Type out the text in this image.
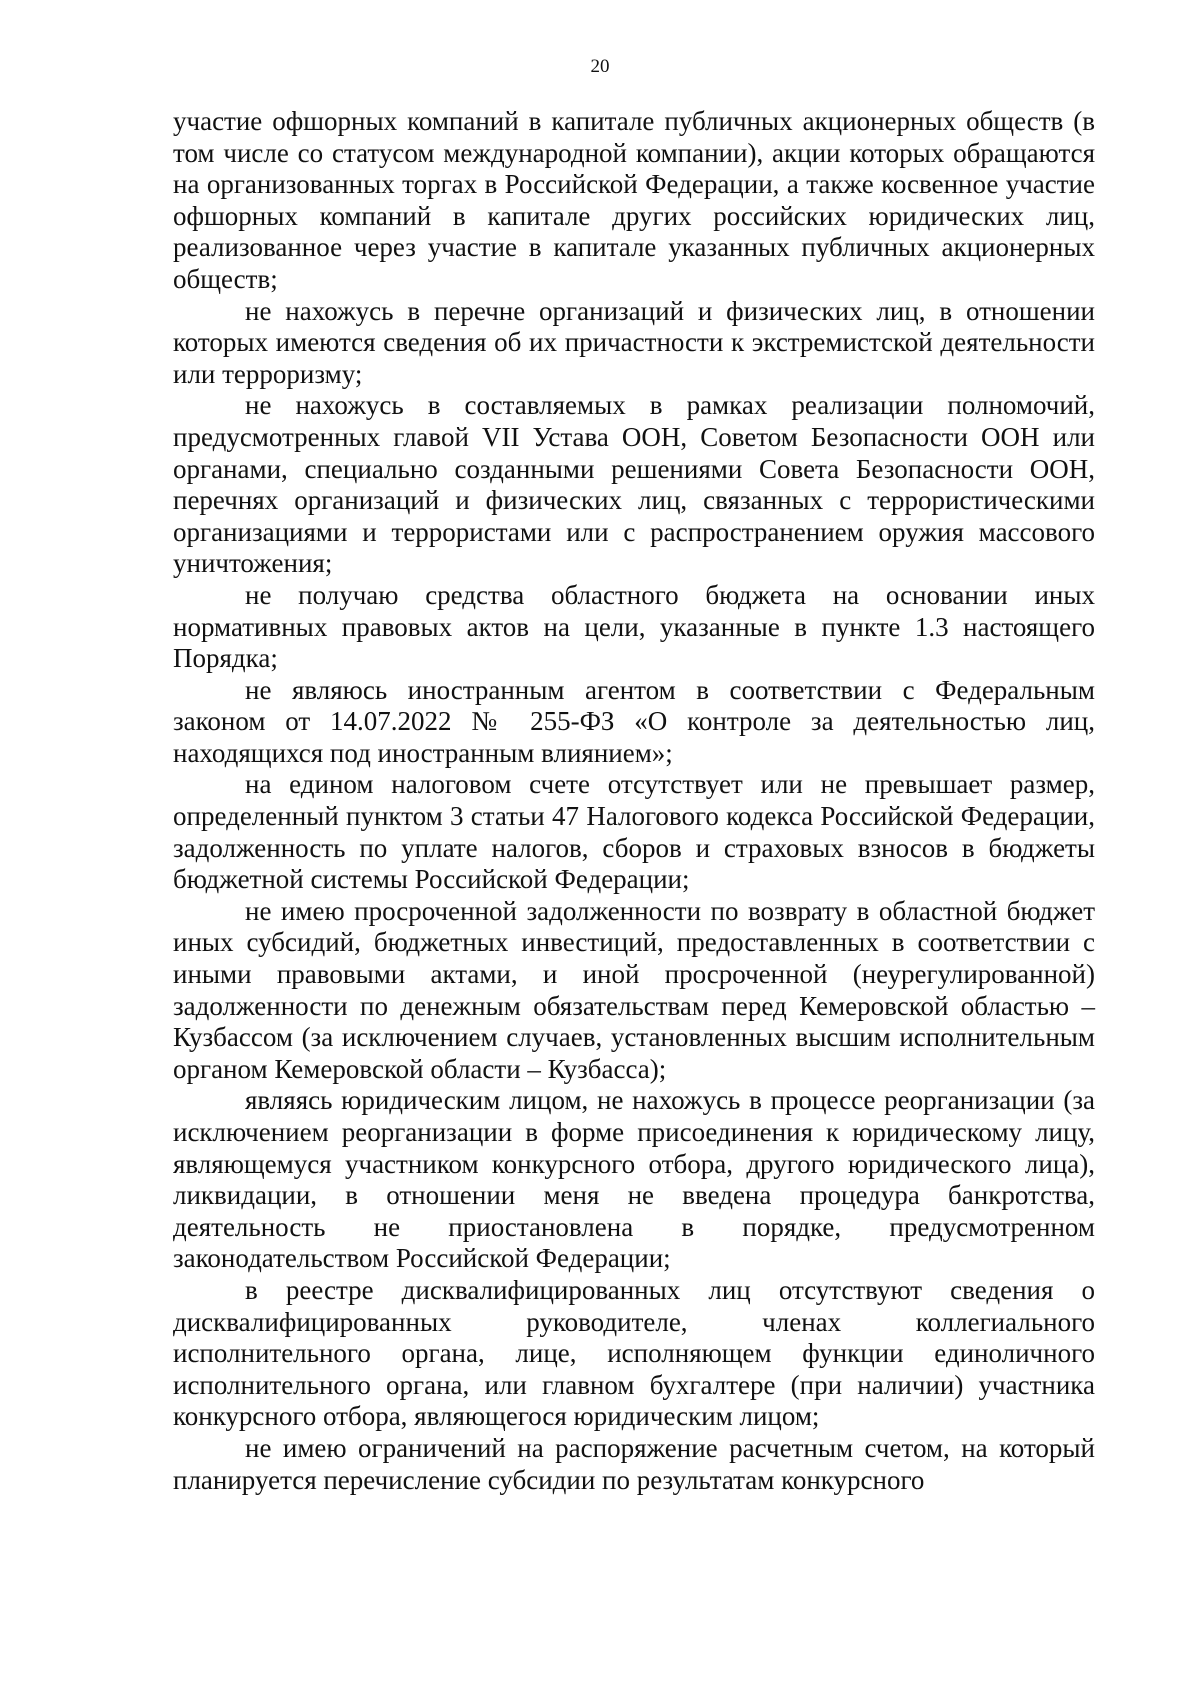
20

участие офшорных компаний в капитале публичных акционерных обществ (в том числе со статусом международной компании), акции которых обращаются на организованных торгах в Российской Федерации, а также косвенное участие офшорных компаний в капитале других российских юридических лиц, реализованное через участие в капитале указанных публичных акционерных обществ;

не нахожусь в перечне организаций и физических лиц, в отношении которых имеются сведения об их причастности к экстремистской деятельности или терроризму;

не нахожусь в составляемых в рамках реализации полномочий, предусмотренных главой VII Устава ООН, Советом Безопасности ООН или органами, специально созданными решениями Совета Безопасности ООН, перечнях организаций и физических лиц, связанных с террористическими организациями и террористами или с распространением оружия массового уничтожения;

не получаю средства областного бюджета на основании иных нормативных правовых актов на цели, указанные в пункте 1.3 настоящего Порядка;

не являюсь иностранным агентом в соответствии с Федеральным законом от 14.07.2022 № 255-ФЗ «О контроле за деятельностью лиц, находящихся под иностранным влиянием»;

на едином налоговом счете отсутствует или не превышает размер, определенный пунктом 3 статьи 47 Налогового кодекса Российской Федерации, задолженность по уплате налогов, сборов и страховых взносов в бюджеты бюджетной системы Российской Федерации;

не имею просроченной задолженности по возврату в областной бюджет иных субсидий, бюджетных инвестиций, предоставленных в соответствии с иными правовыми актами, и иной просроченной (неурегулированной) задолженности по денежным обязательствам перед Кемеровской областью – Кузбассом (за исключением случаев, установленных высшим исполнительным органом Кемеровской области – Кузбасса);

являясь юридическим лицом, не нахожусь в процессе реорганизации (за исключением реорганизации в форме присоединения к юридическому лицу, являющемуся участником конкурсного отбора, другого юридического лица), ликвидации, в отношении меня не введена процедура банкротства, деятельность не приостановлена в порядке, предусмотренном законодательством Российской Федерации;

в реестре дисквалифицированных лиц отсутствуют сведения о дисквалифицированных руководителе, членах коллегиального исполнительного органа, лице, исполняющем функции единоличного исполнительного органа, или главном бухгалтере (при наличии) участника конкурсного отбора, являющегося юридическим лицом;

не имею ограничений на распоряжение расчетным счетом, на который планируется перечисление субсидии по результатам конкурсного
